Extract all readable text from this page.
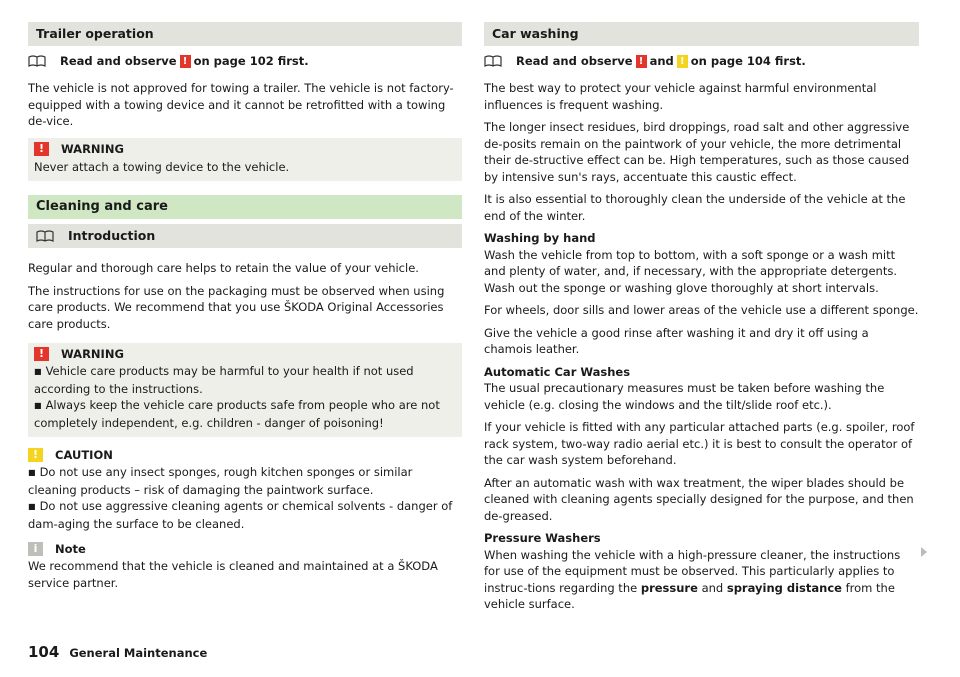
Trailer operation
Read and observe ! on page 102 first.

The vehicle is not approved for towing a trailer. The vehicle is not factory-equipped with a towing device and it cannot be retrofitted with a towing de-vice.

!	WARNING

Never attach a towing device to the vehicle.

Cleaning and care
Introduction

Regular and thorough care helps to retain the value of your vehicle.

The instructions for use on the packaging must be observed when using care products. We recommend that you use ŠKODA Original Accessories care products.

!	WARNING

■ Vehicle care products may be harmful to your health if not used according to the instructions.

■ Always keep the vehicle care products safe from people who are not completely independent, e.g. children - danger of poisoning!

!	CAUTION

■ Do not use any insect sponges, rough kitchen sponges or similar cleaning products – risk of damaging the paintwork surface.

■ Do not use aggressive cleaning agents or chemical solvents - danger of dam-aging the surface to be cleaned.

i	Note

We recommend that the vehicle is cleaned and maintained at a ŠKODA service partner.

Car washing
Read and observe ! and ! on page 104 first.

The best way to protect your vehicle against harmful environmental influences is frequent washing.

The longer insect residues, bird droppings, road salt and other aggressive de-posits remain on the paintwork of your vehicle, the more detrimental their de-structive effect can be. High temperatures, such as those caused by intensive sun's rays, accentuate this caustic effect.

It is also essential to thoroughly clean the underside of the vehicle at the end of the winter.

Washing by hand

Wash the vehicle from top to bottom, with a soft sponge or a wash mitt and plenty of water, and, if necessary, with the appropriate detergents. Wash out the sponge or washing glove thoroughly at short intervals.

For wheels, door sills and lower areas of the vehicle use a different sponge.

Give the vehicle a good rinse after washing it and dry it off using a chamois leather.

Automatic Car Washes

The usual precautionary measures must be taken before washing the vehicle (e.g. closing the windows and the tilt/slide roof etc.).

If your vehicle is fitted with any particular attached parts (e.g. spoiler, roof rack system, two-way radio aerial etc.) it is best to consult the operator of the car wash system beforehand.

After an automatic wash with wax treatment, the wiper blades should be cleaned with cleaning agents specially designed for the purpose, and then de-greased.

Pressure Washers

When washing the vehicle with a high-pressure cleaner, the instructions for use of the equipment must be observed. This particularly applies to instruc-tions regarding the pressure and spraying distance from the vehicle surface.

104 General Maintenance
